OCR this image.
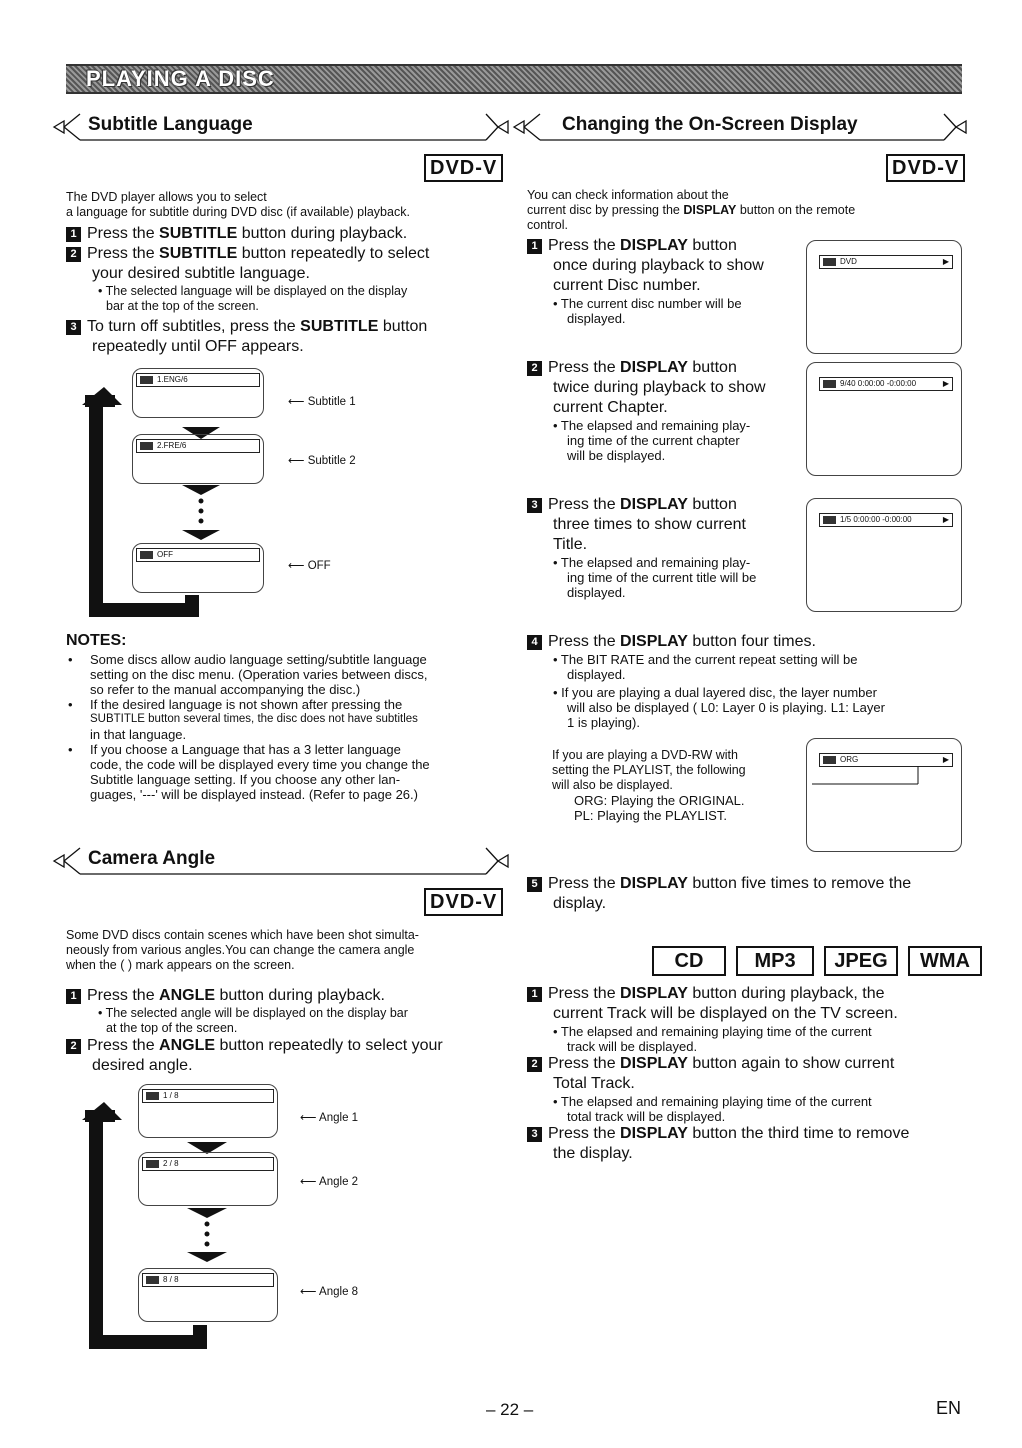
PLAYING A DISC
Subtitle Language
DVD-V
The DVD player allows you to select
a language for subtitle during DVD disc (if available) playback.
1 Press the SUBTITLE button during playback.
2 Press the SUBTITLE button repeatedly to select
your desired subtitle language.
• The selected language will be displayed on the display
bar at the top of the screen.
3 To turn off subtitles, press the SUBTITLE button
repeatedly until OFF appears.
1.ENG/6
2.FRE/6
OFF
⟵ Subtitle 1
⟵ Subtitle 2
⟵ OFF
NOTES:
• Some discs allow audio language setting/subtitle language
setting on the disc menu. (Operation varies between discs,
so refer to the manual accompanying the disc.)
• If the desired language is not shown after pressing the
SUBTITLE button several times, the disc does not have subtitles
in that language.
• If you choose a Language that has a 3 letter language
code, the code will be displayed every time you change the
Subtitle language setting. If you choose any other lan-
guages, '---' will be displayed instead. (Refer to page 26.)
Camera Angle
DVD-V
Some DVD discs contain scenes which have been shot simulta-
neously from various angles.You can change the camera angle
when the ( ) mark appears on the screen.
1 Press the ANGLE button during playback.
• The selected angle will be displayed on the display bar
at the top of the screen.
2 Press the ANGLE button repeatedly to select your
desired angle.
1 / 8
2 / 8
8 / 8
⟵ Angle 1
⟵ Angle 2
⟵ Angle 8
Changing the On-Screen Display
DVD-V
You can check information about the
current disc by pressing the DISPLAY button on the remote
control.
1 Press the DISPLAY button
once during playback to show
current Disc number.
• The current disc number will be
displayed.
DVD	▶
2 Press the DISPLAY button
twice during playback to show
current Chapter.
• The elapsed and remaining play-
ing time of the current chapter
will be displayed.
9/40 0:00:00 -0:00:00	▶
3 Press the DISPLAY button
three times to show current
Title.
• The elapsed and remaining play-
ing time of the current title will be
displayed.
1/5 0:00:00 -0:00:00	▶
4 Press the DISPLAY button four times.
• The BIT RATE and the current repeat setting will be
displayed.
• If you are playing a dual layered disc, the layer number
will also be displayed ( L0: Layer 0 is playing. L1: Layer
1 is playing).
If you are playing a DVD-RW with
setting the PLAYLIST, the following
will also be displayed.
ORG: Playing the ORIGINAL.
PL: Playing the PLAYLIST.
ORG	▶
5 Press the DISPLAY button five times to remove the
display.
CD	MP3	JPEG	WMA
1 Press the DISPLAY button during playback, the
current Track will be displayed on the TV screen.
• The elapsed and remaining playing time of the current
track will be displayed.
2 Press the DISPLAY button again to show current
Total Track.
• The elapsed and remaining playing time of the current
total track will be displayed.
3 Press the DISPLAY button the third time to remove
the display.
– 22 –	EN
